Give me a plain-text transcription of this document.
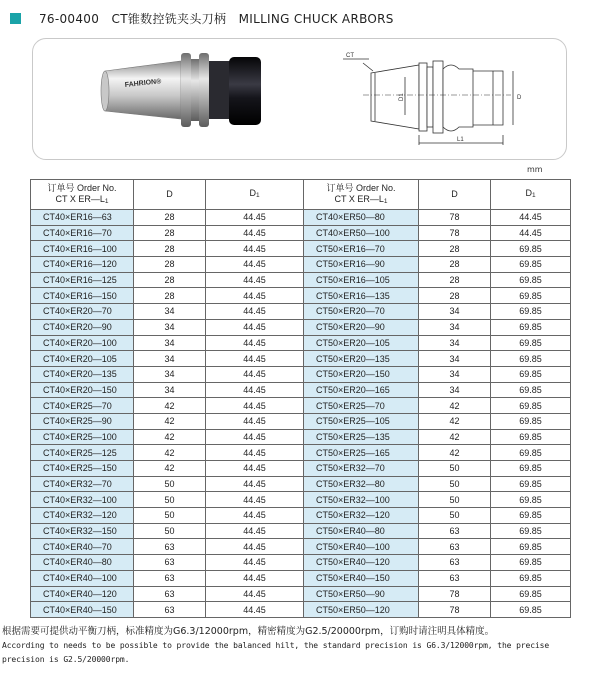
76-00400 CT锥数控铣夹头刀柄 MILLING CHUCK ARBORS
FAHRION®
CT
D1	D
L1
mm
订单号 Order No.
CT X ER—L1	D	D1	订单号 Order No.
CT X ER—L1	D	D1
CT40×ER16—63	28	44.45	CT40×ER50—80	78	44.45
CT40×ER16—70	28	44.45	CT40×ER50—100	78	44.45
CT40×ER16—100	28	44.45	CT50×ER16—70	28	69.85
CT40×ER16—120	28	44.45	CT50×ER16—90	28	69.85
CT40×ER16—125	28	44.45	CT50×ER16—105	28	69.85
CT40×ER16—150	28	44.45	CT50×ER16—135	28	69.85
CT40×ER20—70	34	44.45	CT50×ER20—70	34	69.85
CT40×ER20—90	34	44.45	CT50×ER20—90	34	69.85
CT40×ER20—100	34	44.45	CT50×ER20—105	34	69.85
CT40×ER20—105	34	44.45	CT50×ER20—135	34	69.85
CT40×ER20—135	34	44.45	CT50×ER20—150	34	69.85
CT40×ER20—150	34	44.45	CT50×ER20—165	34	69.85
CT40×ER25—70	42	44.45	CT50×ER25—70	42	69.85
CT40×ER25—90	42	44.45	CT50×ER25—105	42	69.85
CT40×ER25—100	42	44.45	CT50×ER25—135	42	69.85
CT40×ER25—125	42	44.45	CT50×ER25—165	42	69.85
CT40×ER25—150	42	44.45	CT50×ER32—70	50	69.85
CT40×ER32—70	50	44.45	CT50×ER32—80	50	69.85
CT40×ER32—100	50	44.45	CT50×ER32—100	50	69.85
CT40×ER32—120	50	44.45	CT50×ER32—120	50	69.85
CT40×ER32—150	50	44.45	CT50×ER40—80	63	69.85
CT40×ER40—70	63	44.45	CT50×ER40—100	63	69.85
CT40×ER40—80	63	44.45	CT50×ER40—120	63	69.85
CT40×ER40—100	63	44.45	CT50×ER40—150	63	69.85
CT40×ER40—120	63	44.45	CT50×ER50—90	78	69.85
CT40×ER40—150	63	44.45	CT50×ER50—120	78	69.85
根据需要可提供动平衡刀柄，标准精度为G6.3/12000rpm，精密精度为G2.5/20000rpm，订购时请注明具体精度。
According to needs to be possible to provide the balanced hilt, the standard precision is G6.3/12000rpm, the precise
precision is G2.5/20000rpm.
